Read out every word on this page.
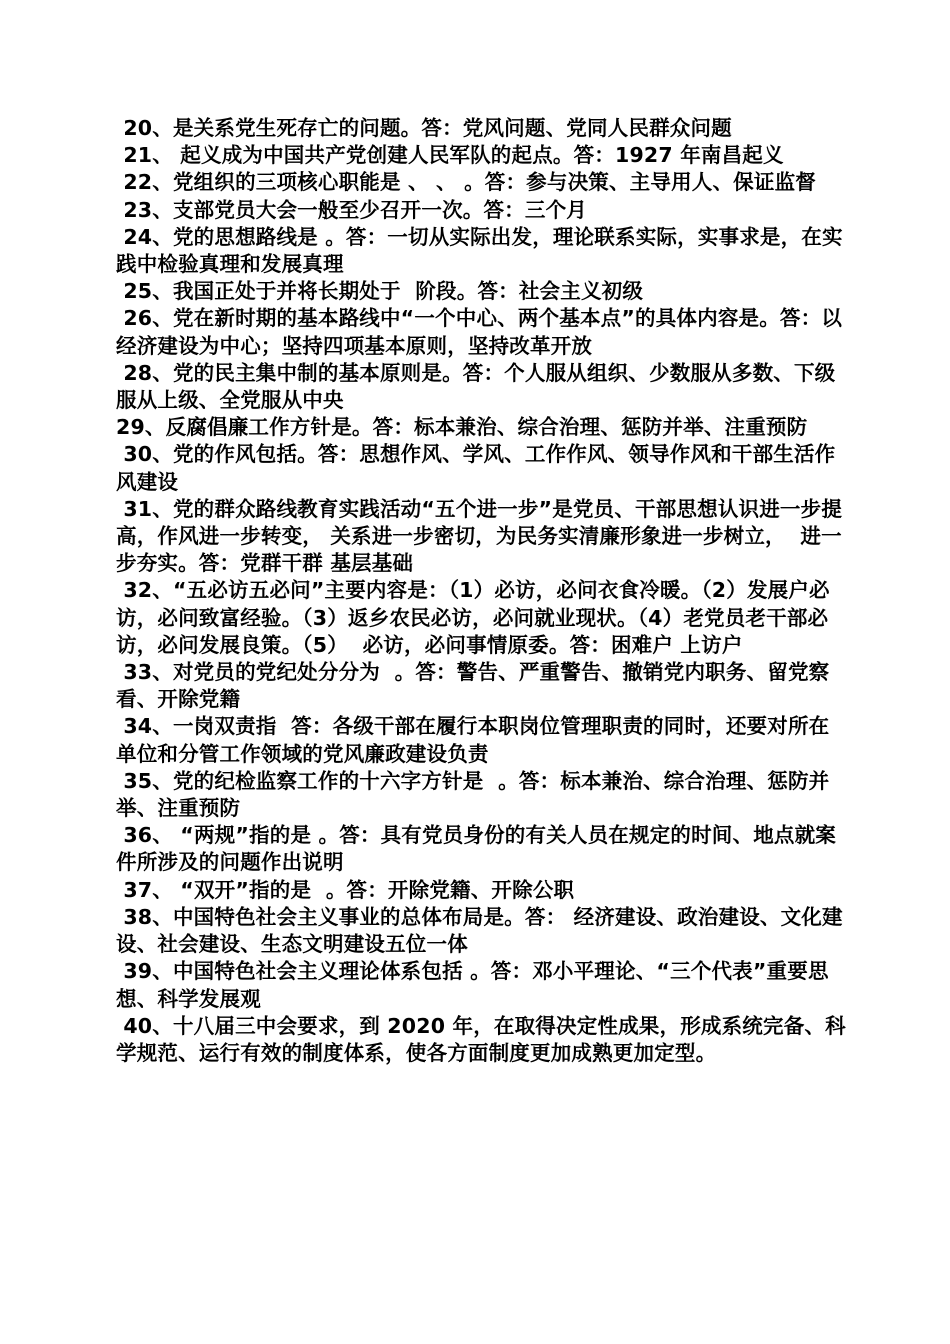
20、是关系党生死存亡的问题。答：党风问题、党同人民群众问题

21、 起义成为中国共产党创建人民军队的起点。答：1927 年南昌起义

22、党组织的三项核心职能是 、 、 。答：参与决策、主导用人、保证监督

23、支部党员大会一般至少召开一次。答：三个月

24、党的思想路线是 。答：一切从实际出发，理论联系实际，实事求是，在实践中检验真理和发展真理

25、我国正处于并将长期处于  阶段。答：社会主义初级

26、党在新时期的基本路线中“一个中心、两个基本点”的具体内容是。答：以经济建设为中心；坚持四项基本原则，坚持改革开放

28、党的民主集中制的基本原则是。答：个人服从组织、少数服从多数、下级服从上级、全党服从中央

29、反腐倡廉工作方针是。答：标本兼治、综合治理、惩防并举、注重预防

30、党的作风包括。答：思想作风、学风、工作作风、领导作风和干部生活作风建设

31、党的群众路线教育实践活动“五个进一步”是党员、干部思想认识进一步提高，作风进一步转变， 关系进一步密切，为民务实清廉形象进一步树立，  进一步夯实。答：党群干群 基层基础

32、“五必访五必问”主要内容是：（1）必访，必问衣食冷暖。（2）发展户必访，必问致富经验。（3）返乡农民必访，必问就业现状。（4）老党员老干部必访，必问发展良策。（5）  必访，必问事情原委。答：困难户 上访户

33、对党员的党纪处分分为  。答：警告、严重警告、撤销党内职务、留党察看、开除党籍

34、一岗双责指  答：各级干部在履行本职岗位管理职责的同时，还要对所在单位和分管工作领域的党风廉政建设负责

35、党的纪检监察工作的十六字方针是  。答：标本兼治、综合治理、惩防并举、注重预防

36、 “两规”指的是 。答：具有党员身份的有关人员在规定的时间、地点就案件所涉及的问题作出说明

37、 “双开”指的是  。答：开除党籍、开除公职

38、中国特色社会主义事业的总体布局是。答： 经济建设、政治建设、文化建设、社会建设、生态文明建设五位一体

39、中国特色社会主义理论体系包括 。答：邓小平理论、“三个代表”重要思想、科学发展观

40、十八届三中会要求，到 2020 年，在取得决定性成果，形成系统完备、科学规范、运行有效的制度体系，使各方面制度更加成熟更加定型。
